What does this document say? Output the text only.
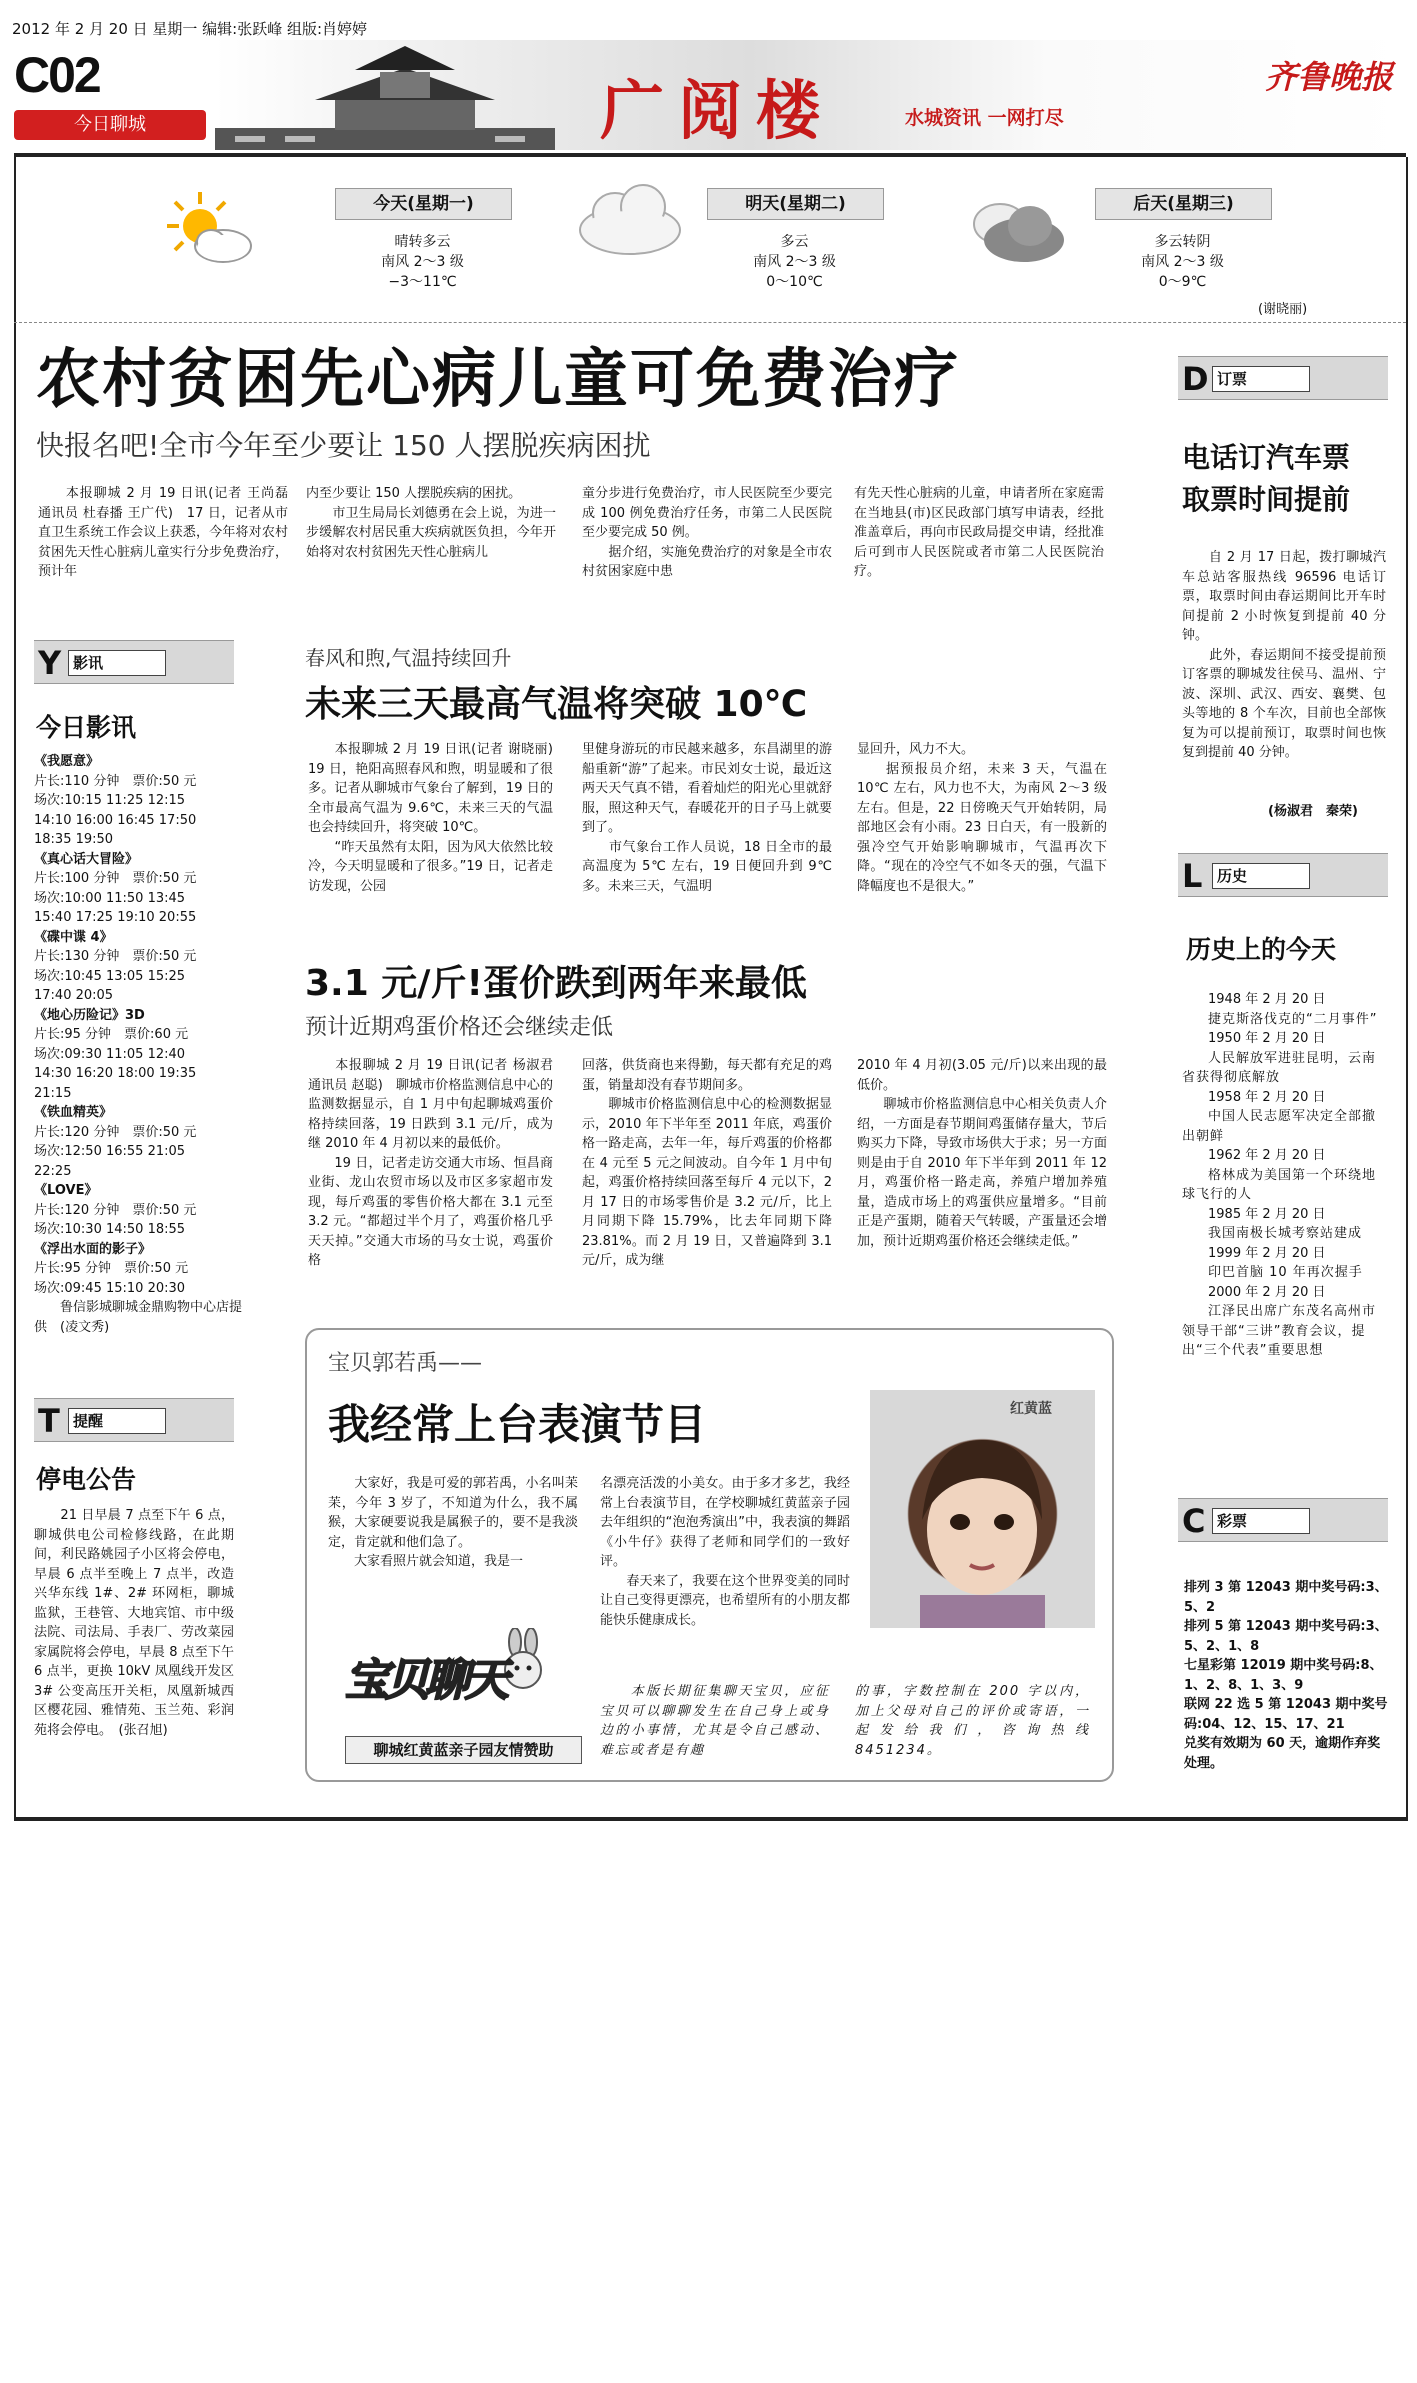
2012 年 2 月 20 日 星期一 编辑:张跃峰 组版:肖婷婷
C02
今日聊城	广阅楼	水城资讯 一网打尽
齐鲁晚报
今天(星期一)
晴转多云
南风 2～3 级
−3～11℃
明天(星期二)
多云
南风 2～3 级
0～10℃
后天(星期三)
多云转阴
南风 2～3 级
0～9℃
(谢晓丽)
农村贫困先心病儿童可免费治疗
快报名吧!全市今年至少要让 150 人摆脱疾病困扰

　　本报聊城 2 月 19 日讯(记者 王尚磊　通讯员 杜春播 王广代)　17 日，记者从市直卫生系统工作会议上获悉，今年将对农村贫困先天性心脏病儿童实行分步免费治疗，预计年

内至少要让 150 人摆脱疾病的困扰。
　　市卫生局局长刘德勇在会上说，为进一步缓解农村居民重大疾病就医负担，今年开始将对农村贫困先天性心脏病儿

童分步进行免费治疗，市人民医院至少要完成 100 例免费治疗任务，市第二人民医院至少要完成 50 例。
　　据介绍，实施免费治疗的对象是全市农村贫困家庭中患

有先天性心脏病的儿童，申请者所在家庭需在当地县(市)区民政部门填写申请表，经批准盖章后，再向市民政局提交申请，经批准后可到市人民医院或者市第二人民医院治疗。

Y 影讯
今日影讯
《我愿意》
片长:110 分钟　票价:50 元
场次:10:15 11:25 12:15
14:10 16:00 16:45 17:50
18:35 19:50
《真心话大冒险》
片长:100 分钟　票价:50 元
场次:10:00 11:50 13:45
15:40 17:25 19:10 20:55
《碟中谍 4》
片长:130 分钟　票价:50 元
场次:10:45 13:05 15:25
17:40 20:05
《地心历险记》3D
片长:95 分钟　票价:60 元
场次:09:30 11:05 12:40
14:30 16:20 18:00 19:35
21:15
《铁血精英》
片长:120 分钟　票价:50 元
场次:12:50 16:55 21:05
22:25
《LOVE》
片长:120 分钟　票价:50 元
场次:10:30 14:50 18:55
《浮出水面的影子》
片长:95 分钟　票价:50 元
场次:09:45 15:10 20:30
鲁信影城聊城金鼎购物中心店提供　(凌文秀)
T 提醒
停电公告

　　21 日早晨 7 点至下午 6 点，聊城供电公司检修线路，在此期间，利民路姚园子小区将会停电，早晨 6 点半至晚上 7 点半，改造兴华东线 1#、2# 环网柜，聊城监狱，王巷管、大地宾馆、市中级法院、司法局、手表厂、劳改菜园家属院将会停电，早晨 8 点至下午 6 点半，更换 10kV 凤凰线开发区 3# 公变高压开关柜，凤凰新城西区樱花园、雅情苑、玉兰苑、彩润苑将会停电。　(张召旭)

春风和煦,气温持续回升
未来三天最高气温将突破 10℃

　　本报聊城 2 月 19 日讯(记者 谢晓丽)　19 日，艳阳高照春风和煦，明显暖和了很多。记者从聊城市气象台了解到，19 日的全市最高气温为 9.6℃，未来三天的气温也会持续回升，将突破 10℃。
　　“昨天虽然有太阳，因为风大依然比较冷，今天明显暖和了很多。”19 日，记者走访发现，公园

里健身游玩的市民越来越多，东昌湖里的游船重新“游”了起来。市民刘女士说，最近这两天天气真不错，看着灿烂的阳光心里就舒服，照这种天气，春暖花开的日子马上就要到了。
　　市气象台工作人员说，18 日全市的最高温度为 5℃ 左右，19 日便回升到 9℃ 多。未来三天，气温明

显回升，风力不大。
　　据预报员介绍，未来 3 天，气温在 10℃ 左右，风力也不大，为南风 2～3 级左右。但是，22 日傍晚天气开始转阴，局部地区会有小雨。23 日白天，有一股新的强冷空气开始影响聊城市，气温再次下降。“现在的冷空气不如冬天的强，气温下降幅度也不是很大。”

3.1 元/斤!蛋价跌到两年来最低
预计近期鸡蛋价格还会继续走低

　　本报聊城 2 月 19 日讯(记者 杨淑君　通讯员 赵聪)　聊城市价格监测信息中心的监测数据显示，自 1 月中旬起聊城鸡蛋价格持续回落，19 日跌到 3.1 元/斤，成为继 2010 年 4 月初以来的最低价。
　　19 日，记者走访交通大市场、恒昌商业街、龙山农贸市场以及市区多家超市发现，每斤鸡蛋的零售价格大都在 3.1 元至 3.2 元。“都超过半个月了，鸡蛋价格几乎天天掉。”交通大市场的马女士说，鸡蛋价格

回落，供货商也来得勤，每天都有充足的鸡蛋，销量却没有春节期间多。
　　聊城市价格监测信息中心的检测数据显示，2010 年下半年至 2011 年底，鸡蛋价格一路走高，去年一年，每斤鸡蛋的价格都在 4 元至 5 元之间波动。自今年 1 月中旬起，鸡蛋价格持续回落至每斤 4 元以下，2 月 17 日的市场零售价是 3.2 元/斤，比上月同期下降 15.79%，比去年同期下降 23.81%。而 2 月 19 日，又普遍降到 3.1 元/斤，成为继

2010 年 4 月初(3.05 元/斤)以来出现的最低价。
　　聊城市价格监测信息中心相关负责人介绍，一方面是春节期间鸡蛋储存量大，节后购买力下降，导致市场供大于求；另一方面则是由于自 2010 年下半年到 2011 年 12 月，鸡蛋价格一路走高，养殖户增加养殖量，造成市场上的鸡蛋供应量增多。“目前正是产蛋期，随着天气转暖，产蛋量还会增加，预计近期鸡蛋价格还会继续走低。”

宝贝郭若禹——
我经常上台表演节目

　　大家好，我是可爱的郭若禹，小名叫苿苿，今年 3 岁了，不知道为什么，我不属猴，大家硬要说我是属猴子的，要不是我淡定，肯定就和他们急了。
　　大家看照片就会知道，我是一

名漂亮活泼的小美女。由于多才多艺，我经常上台表演节目，在学校聊城红黄蓝亲子园去年组织的“泡泡秀演出”中，我表演的舞蹈《小牛仔》获得了老师和同学们的一致好评。
　　春天来了，我要在这个世界变美的同时让自己变得更漂亮，也希望所有的小朋友都能快乐健康成长。

红黄蓝
宝贝聊天
聊城红黄蓝亲子园友情赞助

　　本版长期征集聊天宝贝，应征宝贝可以聊聊发生在自己身上或身边的小事情，尤其是令自己感动、难忘或者是有趣

的事，字数控制在 200 字以内，加上父母对自己的评价或寄语，一起发给我们，咨询热线 8451234。

D 订票
电话订汽车票
取票时间提前

　　自 2 月 17 日起，拨打聊城汽车总站客服热线 96596 电话订票，取票时间由春运期间比开车时间提前 2 小时恢复到提前 40 分钟。
　　此外，春运期间不接受提前预订客票的聊城发往侯马、温州、宁波、深圳、武汉、西安、襄樊、包头等地的 8 个车次，目前也全部恢复为可以提前预订，取票时间也恢复到提前 40 分钟。

(杨淑君　秦荣)
L 历史
历史上的今天
1948 年 2 月 20 日
捷克斯洛伐克的“二月事件”
1950 年 2 月 20 日
人民解放军进驻昆明，云南省获得彻底解放
1958 年 2 月 20 日
中国人民志愿军决定全部撤出朝鲜
1962 年 2 月 20 日
格林成为美国第一个环绕地球飞行的人
1985 年 2 月 20 日
我国南极长城考察站建成
1999 年 2 月 20 日
印巴首脑 10 年再次握手
2000 年 2 月 20 日
江泽民出席广东茂名高州市领导干部“三讲”教育会议，提出“三个代表”重要思想
C 彩票
排列 3 第 12043 期中奖号码:3、5、2
排列 5 第 12043 期中奖号码:3、5、2、1、8
七星彩第 12019 期中奖号码:8、1、2、8、1、3、9
联网 22 选 5 第 12043 期中奖号码:04、12、15、17、21
兑奖有效期为 60 天，逾期作弃奖处理。
